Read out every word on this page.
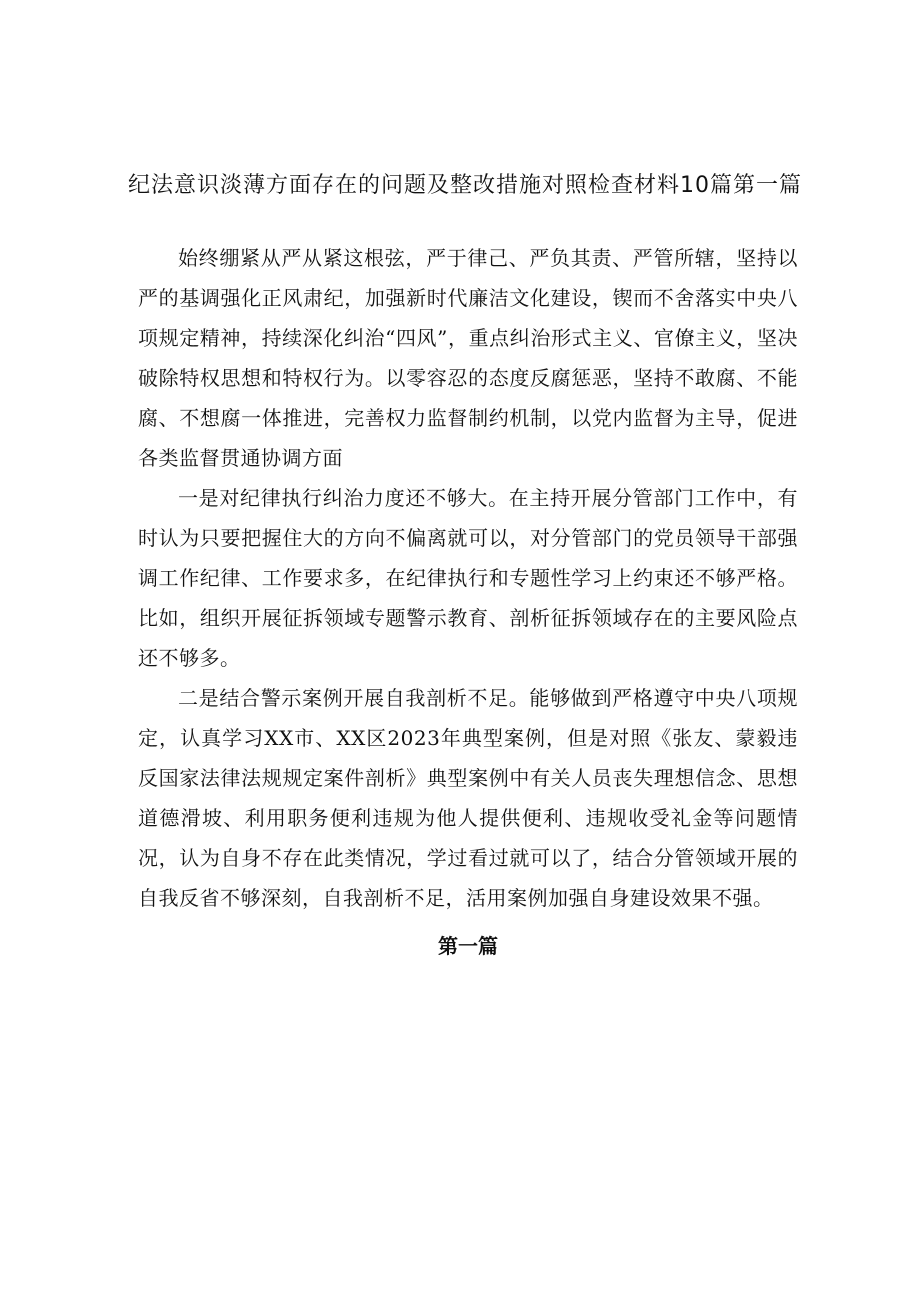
纪法意识淡薄方面存在的问题及整改措施对照检查材料10篇第一篇

始终绷紧从严从紧这根弦，严于律己、严负其责、严管所辖，坚持以严的基调强化正风肃纪，加强新时代廉洁文化建设，锲而不舍落实中央八项规定精神，持续深化纠治“四风”，重点纠治形式主义、官僚主义，坚决破除特权思想和特权行为。以零容忍的态度反腐惩恶，坚持不敢腐、不能腐、不想腐一体推进，完善权力监督制约机制，以党内监督为主导，促进各类监督贯通协调方面

一是对纪律执行纠治力度还不够大。在主持开展分管部门工作中，有时认为只要把握住大的方向不偏离就可以，对分管部门的党员领导干部强调工作纪律、工作要求多，在纪律执行和专题性学习上约束还不够严格。比如，组织开展征拆领域专题警示教育、剖析征拆领域存在的主要风险点还不够多。

二是结合警示案例开展自我剖析不足。能够做到严格遵守中央八项规定，认真学习XX市、XX区2023年典型案例，但是对照《张友、蒙毅违反国家法律法规规定案件剖析》典型案例中有关人员丧失理想信念、思想道德滑坡、利用职务便利违规为他人提供便利、违规收受礼金等问题情况，认为自身不存在此类情况，学过看过就可以了，结合分管领域开展的自我反省不够深刻，自我剖析不足，活用案例加强自身建设效果不强。

第一篇
